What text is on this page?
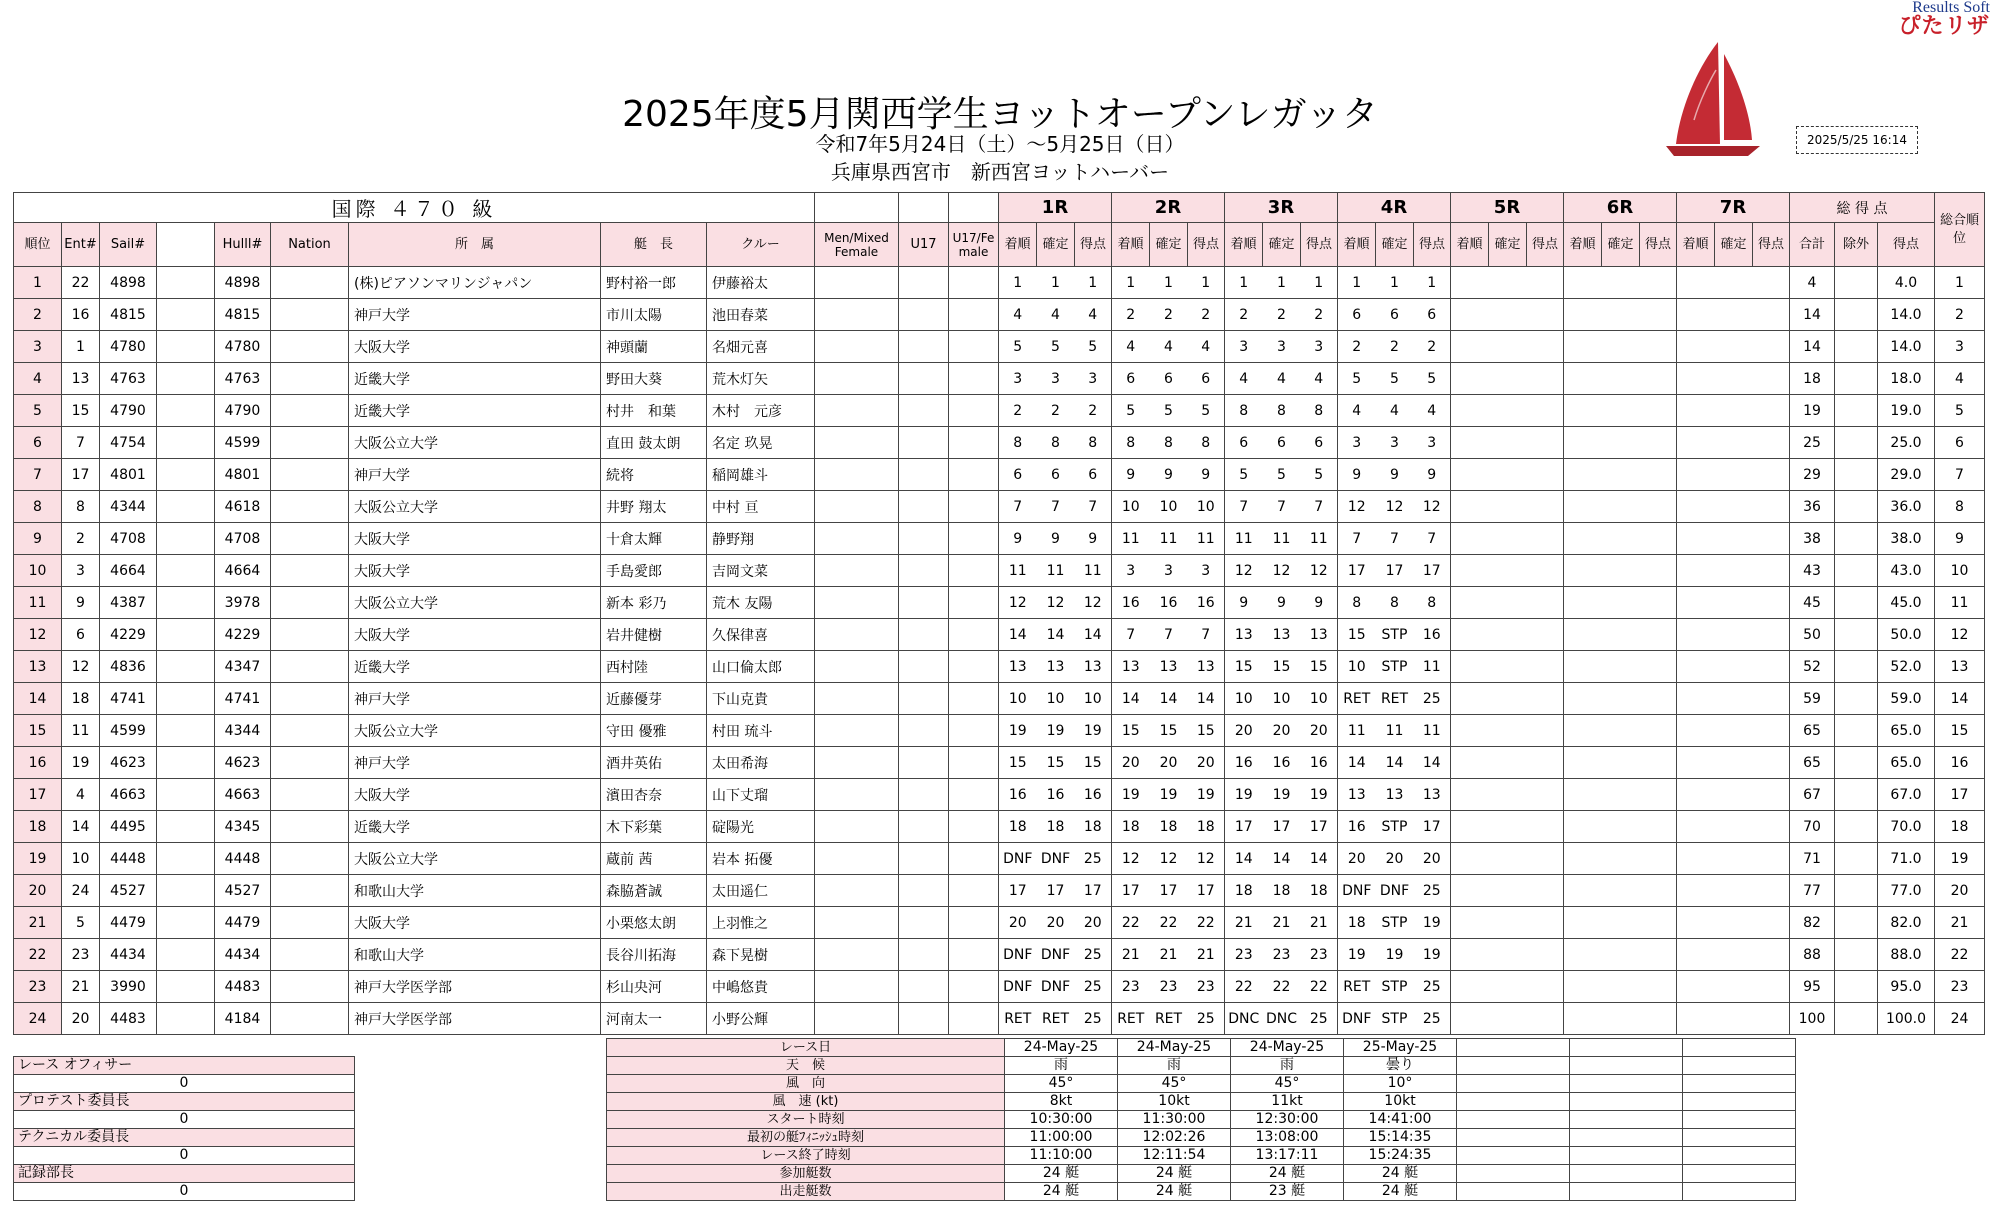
Results Soft
ぴたリザ
2025年度5月関西学生ヨットオープンレガッタ
令和7年5月24日（土）～5月25日（日）
兵庫県西宮市　新西宮ヨットハーバー
2025/5/25 16:14
国際 ４７０ 級												1R			2R			3R			4R			5R			6R			7R			総 得 点			総合順位
順位	Ent#	Sail#		Hulll#	Nation	所　属	艇　長	クルー	Men/Mixed Female	U17	U17/Female	着順	確定	得点	着順	確定	得点	着順	確定	得点	着順	確定	得点	着順	確定	得点	着順	確定	得点	着順	確定	得点	合計	除外	得点	
1	22	4898		4898		(株)ピアソンマリンジャパン	野村裕一郎	伊藤裕太				1	1	1	1	1	1	1	1	1	1	1	1										4		4.0	1
2	16	4815		4815		神戸大学	市川太陽	池田春菜				4	4	4	2	2	2	2	2	2	6	6	6										14		14.0	2
3	1	4780		4780		大阪大学	神頭蘭	名畑元喜				5	5	5	4	4	4	3	3	3	2	2	2										14		14.0	3
4	13	4763		4763		近畿大学	野田大葵	荒木灯矢				3	3	3	6	6	6	4	4	4	5	5	5										18		18.0	4
5	15	4790		4790		近畿大学	村井　和葉	木村　元彦				2	2	2	5	5	5	8	8	8	4	4	4										19		19.0	5
6	7	4754		4599		大阪公立大学	直田 鼓太朗	名定 玖晃				8	8	8	8	8	8	6	6	6	3	3	3										25		25.0	6
7	17	4801		4801		神戸大学	続将	稲岡雄斗				6	6	6	9	9	9	5	5	5	9	9	9										29		29.0	7
8	8	4344		4618		大阪公立大学	井野 翔太	中村 亘				7	7	7	10	10	10	7	7	7	12	12	12										36		36.0	8
9	2	4708		4708		大阪大学	十倉太輝	静野翔				9	9	9	11	11	11	11	11	11	7	7	7										38		38.0	9
10	3	4664		4664		大阪大学	手島愛郎	吉岡文菜				11	11	11	3	3	3	12	12	12	17	17	17										43		43.0	10
11	9	4387		3978		大阪公立大学	新本 彩乃	荒木 友陽				12	12	12	16	16	16	9	9	9	8	8	8										45		45.0	11
12	6	4229		4229		大阪大学	岩井健樹	久保律喜				14	14	14	7	7	7	13	13	13	15	STP	16										50		50.0	12
13	12	4836		4347		近畿大学	西村陸	山口倫太郎				13	13	13	13	13	13	15	15	15	10	STP	11										52		52.0	13
14	18	4741		4741		神戸大学	近藤優芽	下山克貴				10	10	10	14	14	14	10	10	10	RET	RET	25										59		59.0	14
15	11	4599		4344		大阪公立大学	守田 優雅	村田 琉斗				19	19	19	15	15	15	20	20	20	11	11	11										65		65.0	15
16	19	4623		4623		神戸大学	酒井英佑	太田希海				15	15	15	20	20	20	16	16	16	14	14	14										65		65.0	16
17	4	4663		4663		大阪大学	濱田杏奈	山下丈瑠				16	16	16	19	19	19	19	19	19	13	13	13										67		67.0	17
18	14	4495		4345		近畿大学	木下彩葉	碇陽光				18	18	18	18	18	18	17	17	17	16	STP	17										70		70.0	18
19	10	4448		4448		大阪公立大学	蔵前 茜	岩本 拓優				DNF	DNF	25	12	12	12	14	14	14	20	20	20										71		71.0	19
20	24	4527		4527		和歌山大学	森脇蒼誠	太田遥仁				17	17	17	17	17	17	18	18	18	DNF	DNF	25										77		77.0	20
21	5	4479		4479		大阪大学	小栗悠太朗	上羽惟之				20	20	20	22	22	22	21	21	21	18	STP	19										82		82.0	21
22	23	4434		4434		和歌山大学	長谷川拓海	森下晃樹				DNF	DNF	25	21	21	21	23	23	23	19	19	19										88		88.0	22
23	21	3990		4483		神戸大学医学部	杉山央河	中嶋悠貴				DNF	DNF	25	23	23	23	22	22	22	RET	STP	25										95		95.0	23
24	20	4483		4184		神戸大学医学部	河南太一	小野公輝				RET	RET	25	RET	RET	25	DNC	DNC	25	DNF	STP	25										100		100.0	24
レース日	24-May-25	24-May-25	24-May-25	25-May-25			
天　候	雨	雨	雨	曇り			
風　向	45°	45°	45°	10°			
風　速 (kt)	8kt	10kt	11kt	10kt			
スタート時刻	10:30:00	11:30:00	12:30:00	14:41:00			
最初の艇ﾌｨﾆｯｼｭ時刻	11:00:00	12:02:26	13:08:00	15:14:35			
レース終了時刻	11:10:00	12:11:54	13:17:11	15:24:35			
参加艇数	24 艇	24 艇	24 艇	24 艇			
出走艇数	24 艇	24 艇	23 艇	24 艇			
レース オフィサー
0
プロテスト委員長
0
テクニカル委員長
0
記録部長
0
